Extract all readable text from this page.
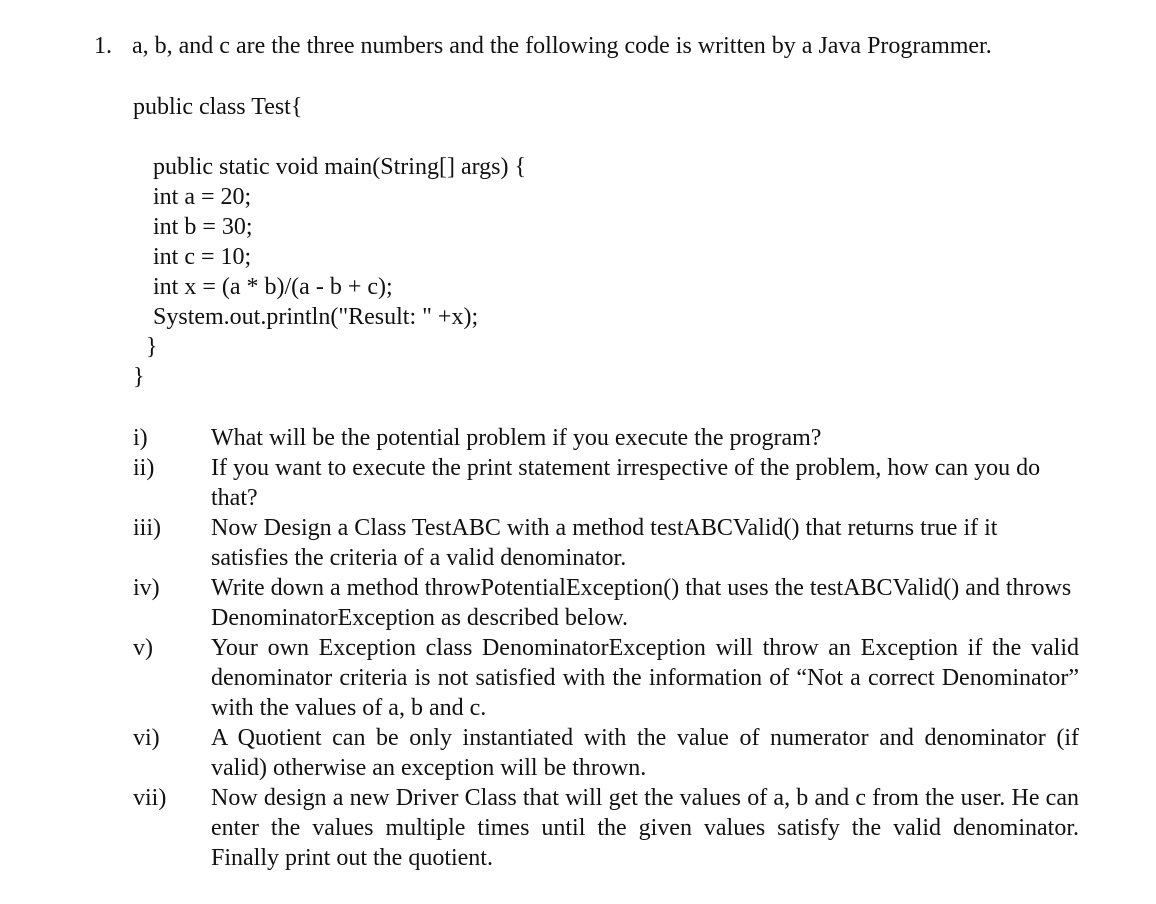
1. a, b, and c are the three numbers and the following code is written by a Java Programmer.
public class Test{
public static void main(String[] args) {
int a = 20;
int b = 30;
int c = 10;
int x = (a * b)/(a - b + c);
System.out.println("Result: " +x);
}
}
i)	What will be the potential problem if you execute the program?
ii)	If you want to execute the print statement irrespective of the problem, how can you do that?
iii)	Now Design a Class TestABC with a method testABCValid() that returns true if it satisfies the criteria of a valid denominator.
iv)	Write down a method throwPotentialException() that uses the testABCValid() and throws DenominatorException as described below.
v)	Your own Exception class DenominatorException will throw an Exception if the valid denominator criteria is not satisfied with the information of “Not a correct Denominator” with the values of a, b and c.
vi)	A Quotient can be only instantiated with the value of numerator and denominator (if valid) otherwise an exception will be thrown.
vii)	Now design a new Driver Class that will get the values of a, b and c from the user. He can enter the values multiple times until the given values satisfy the valid denominator. Finally print out the quotient.
